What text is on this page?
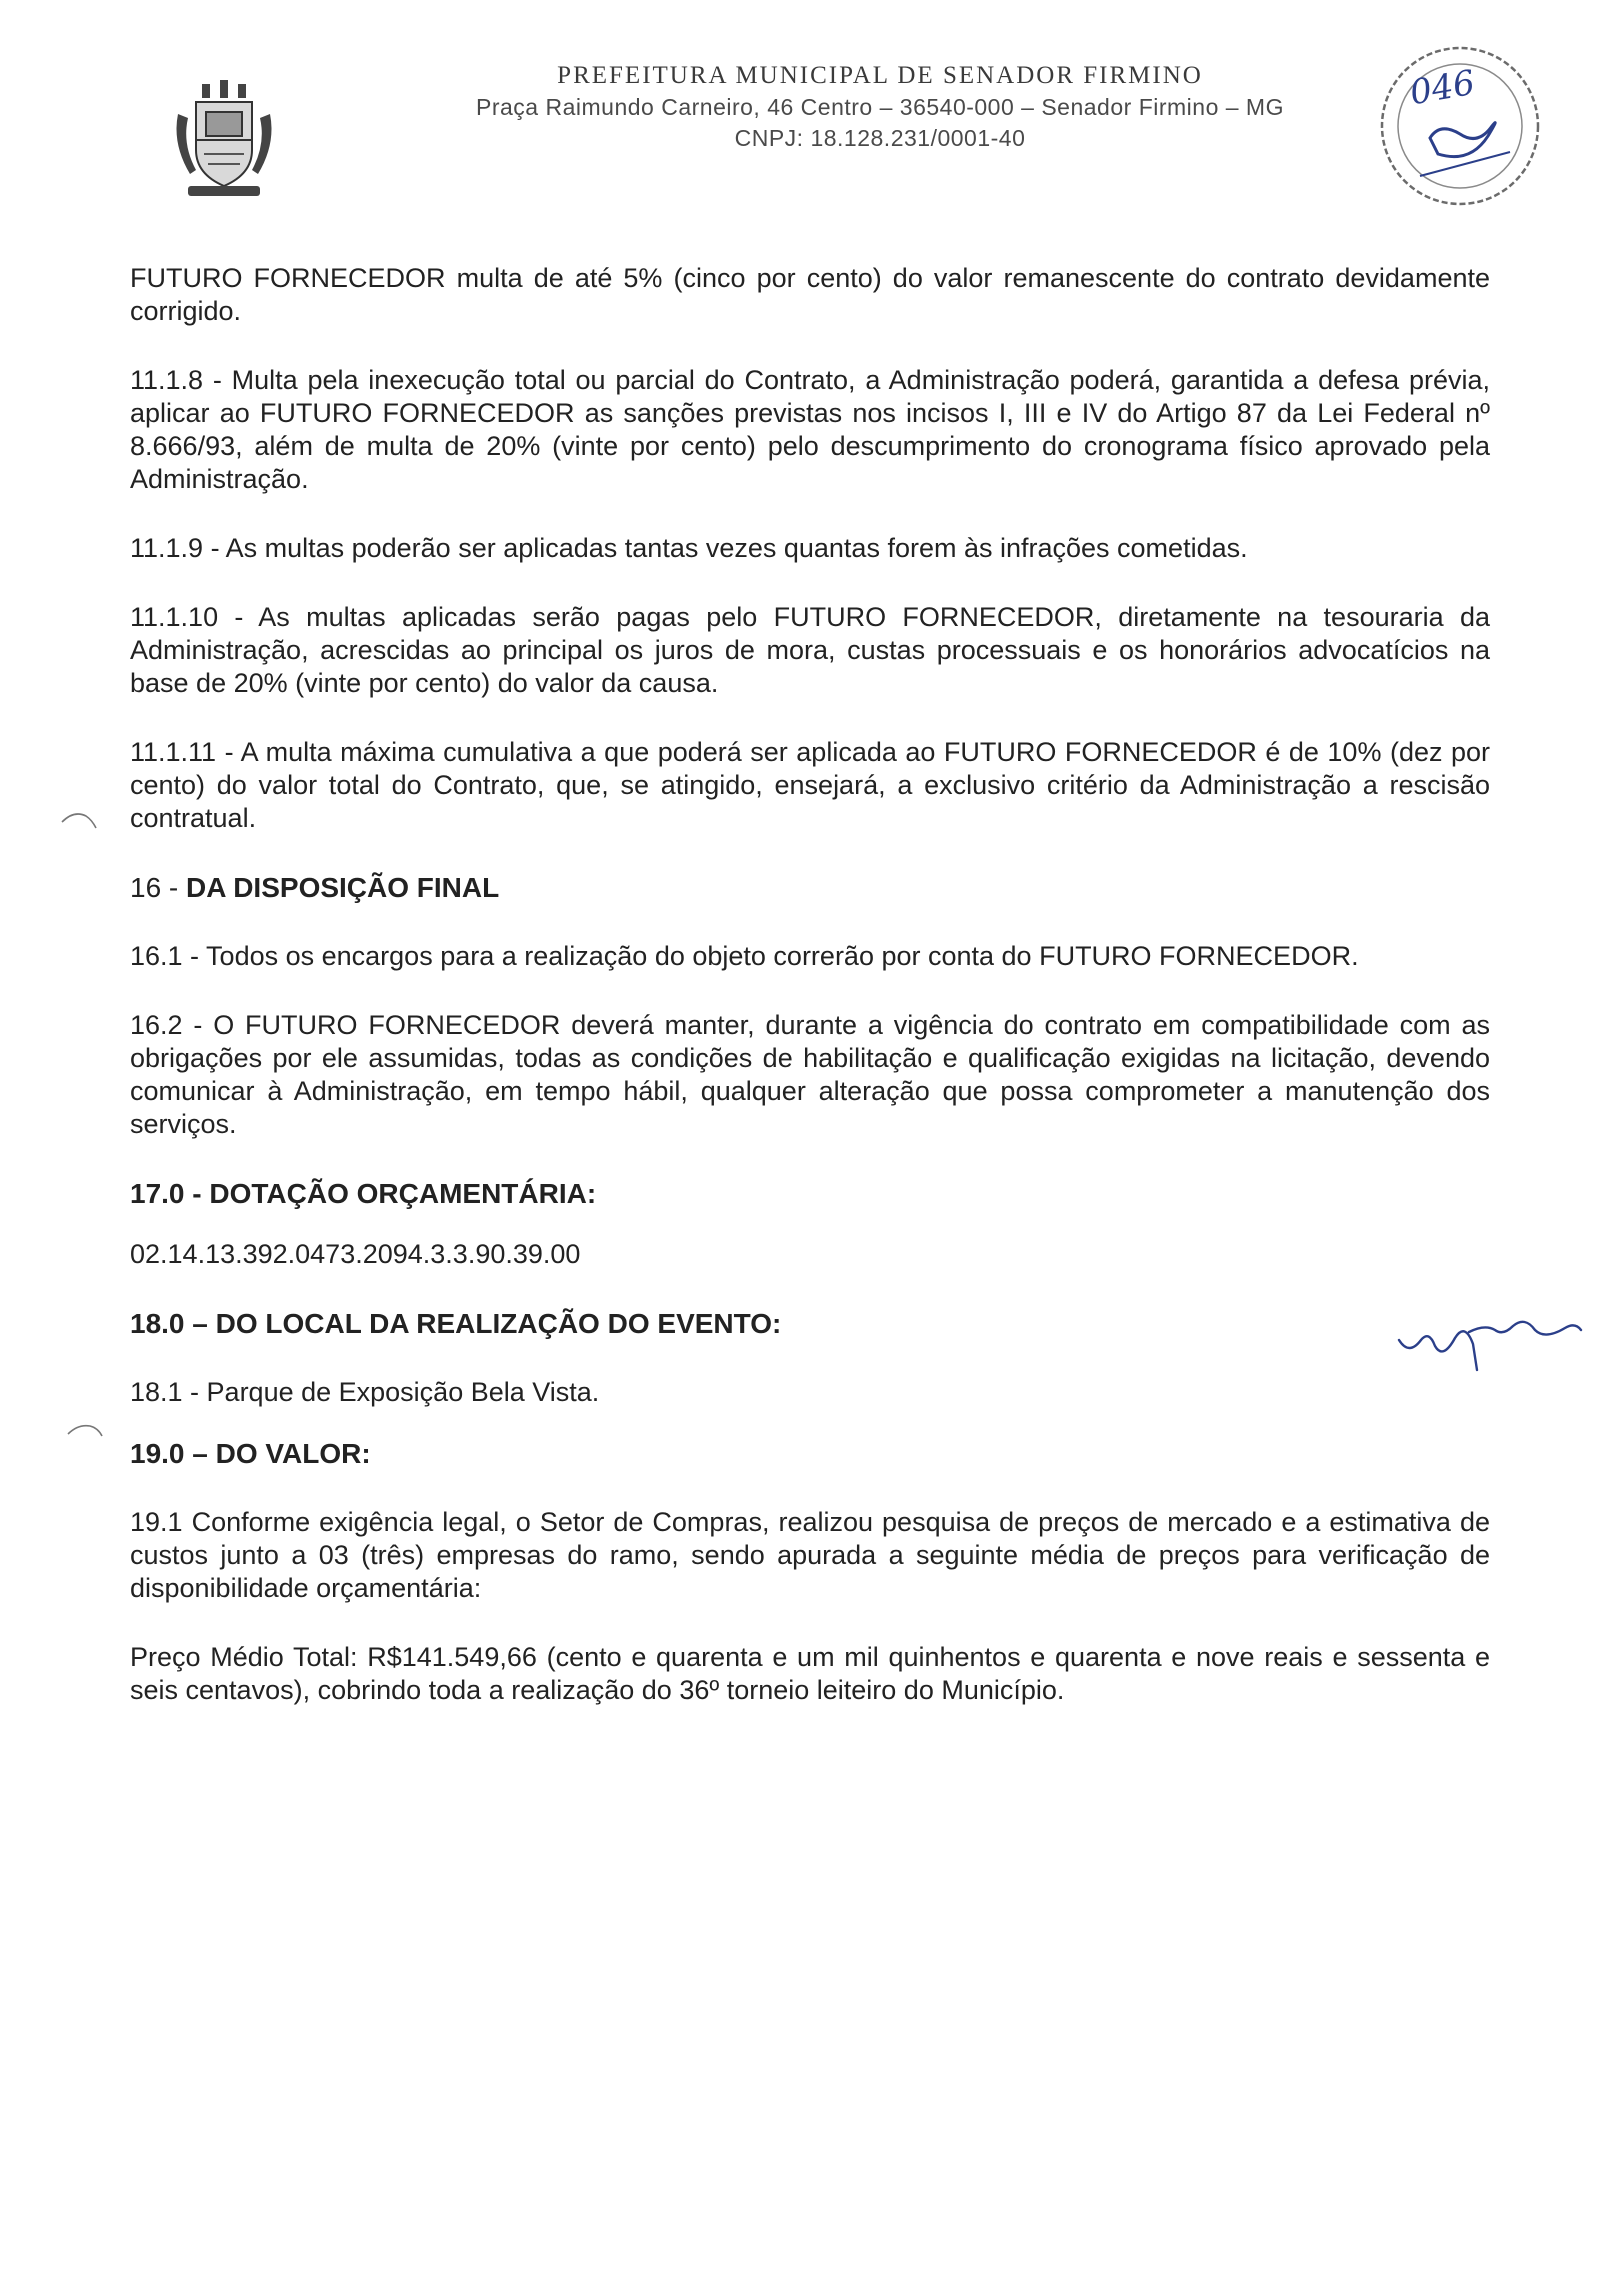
PREFEITURA MUNICIPAL DE SENADOR FIRMINO

Praça Raimundo Carneiro, 46 Centro – 36540-000 – Senador Firmino – MG

CNPJ: 18.128.231/0001-40

046

FUTURO FORNECEDOR multa de até 5% (cinco por cento) do valor remanescente do contrato devidamente corrigido.

11.1.8 - Multa pela inexecução total ou parcial do Contrato, a Administração poderá, garantida a defesa prévia, aplicar ao FUTURO FORNECEDOR as sanções previstas nos incisos I, III e IV do Artigo 87 da Lei Federal nº 8.666/93, além de multa de 20% (vinte por cento) pelo descumprimento do cronograma físico aprovado pela Administração.

11.1.9 - As multas poderão ser aplicadas tantas vezes quantas forem às infrações cometidas.

11.1.10 - As multas aplicadas serão pagas pelo FUTURO FORNECEDOR, diretamente na tesouraria da Administração, acrescidas ao principal os juros de mora, custas processuais e os honorários advocatícios na base de 20% (vinte por cento) do valor da causa.

11.1.11 - A multa máxima cumulativa a que poderá ser aplicada ao FUTURO FORNECEDOR é de 10% (dez por cento) do valor total do Contrato, que, se atingido, ensejará, a exclusivo critério da Administração a rescisão contratual.

16 - DA DISPOSIÇÃO FINAL

16.1 - Todos os encargos para a realização do objeto correrão por conta do FUTURO FORNECEDOR.

16.2 - O FUTURO FORNECEDOR deverá manter, durante a vigência do contrato em compatibilidade com as obrigações por ele assumidas, todas as condições de habilitação e qualificação exigidas na licitação, devendo comunicar à Administração, em tempo hábil, qualquer alteração que possa comprometer a manutenção dos serviços.

17.0 - DOTAÇÃO ORÇAMENTÁRIA:

02.14.13.392.0473.2094.3.3.90.39.00

18.0 – DO LOCAL DA REALIZAÇÃO DO EVENTO:

18.1 - Parque de Exposição Bela Vista.

19.0 – DO VALOR:

19.1 Conforme exigência legal, o Setor de Compras, realizou pesquisa de preços de mercado e a estimativa de custos junto a 03 (três) empresas do ramo, sendo apurada a seguinte média de preços para verificação de disponibilidade orçamentária:

Preço Médio Total: R$141.549,66 (cento e quarenta e um mil quinhentos e quarenta e nove reais e sessenta e seis centavos), cobrindo toda a realização do 36º torneio leiteiro do Município.
